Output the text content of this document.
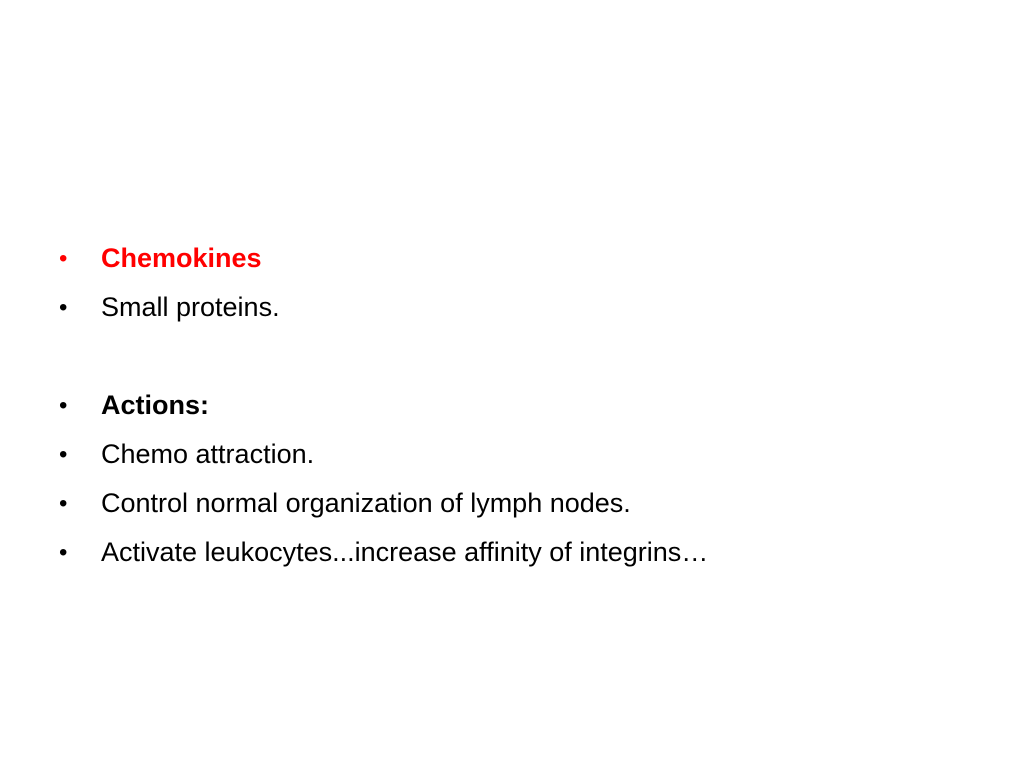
•	Chemokines
•	Small proteins.
•	Actions:
•	Chemo attraction.
•	Control normal organization of lymph nodes.
•	Activate leukocytes...increase affinity of integrins…
